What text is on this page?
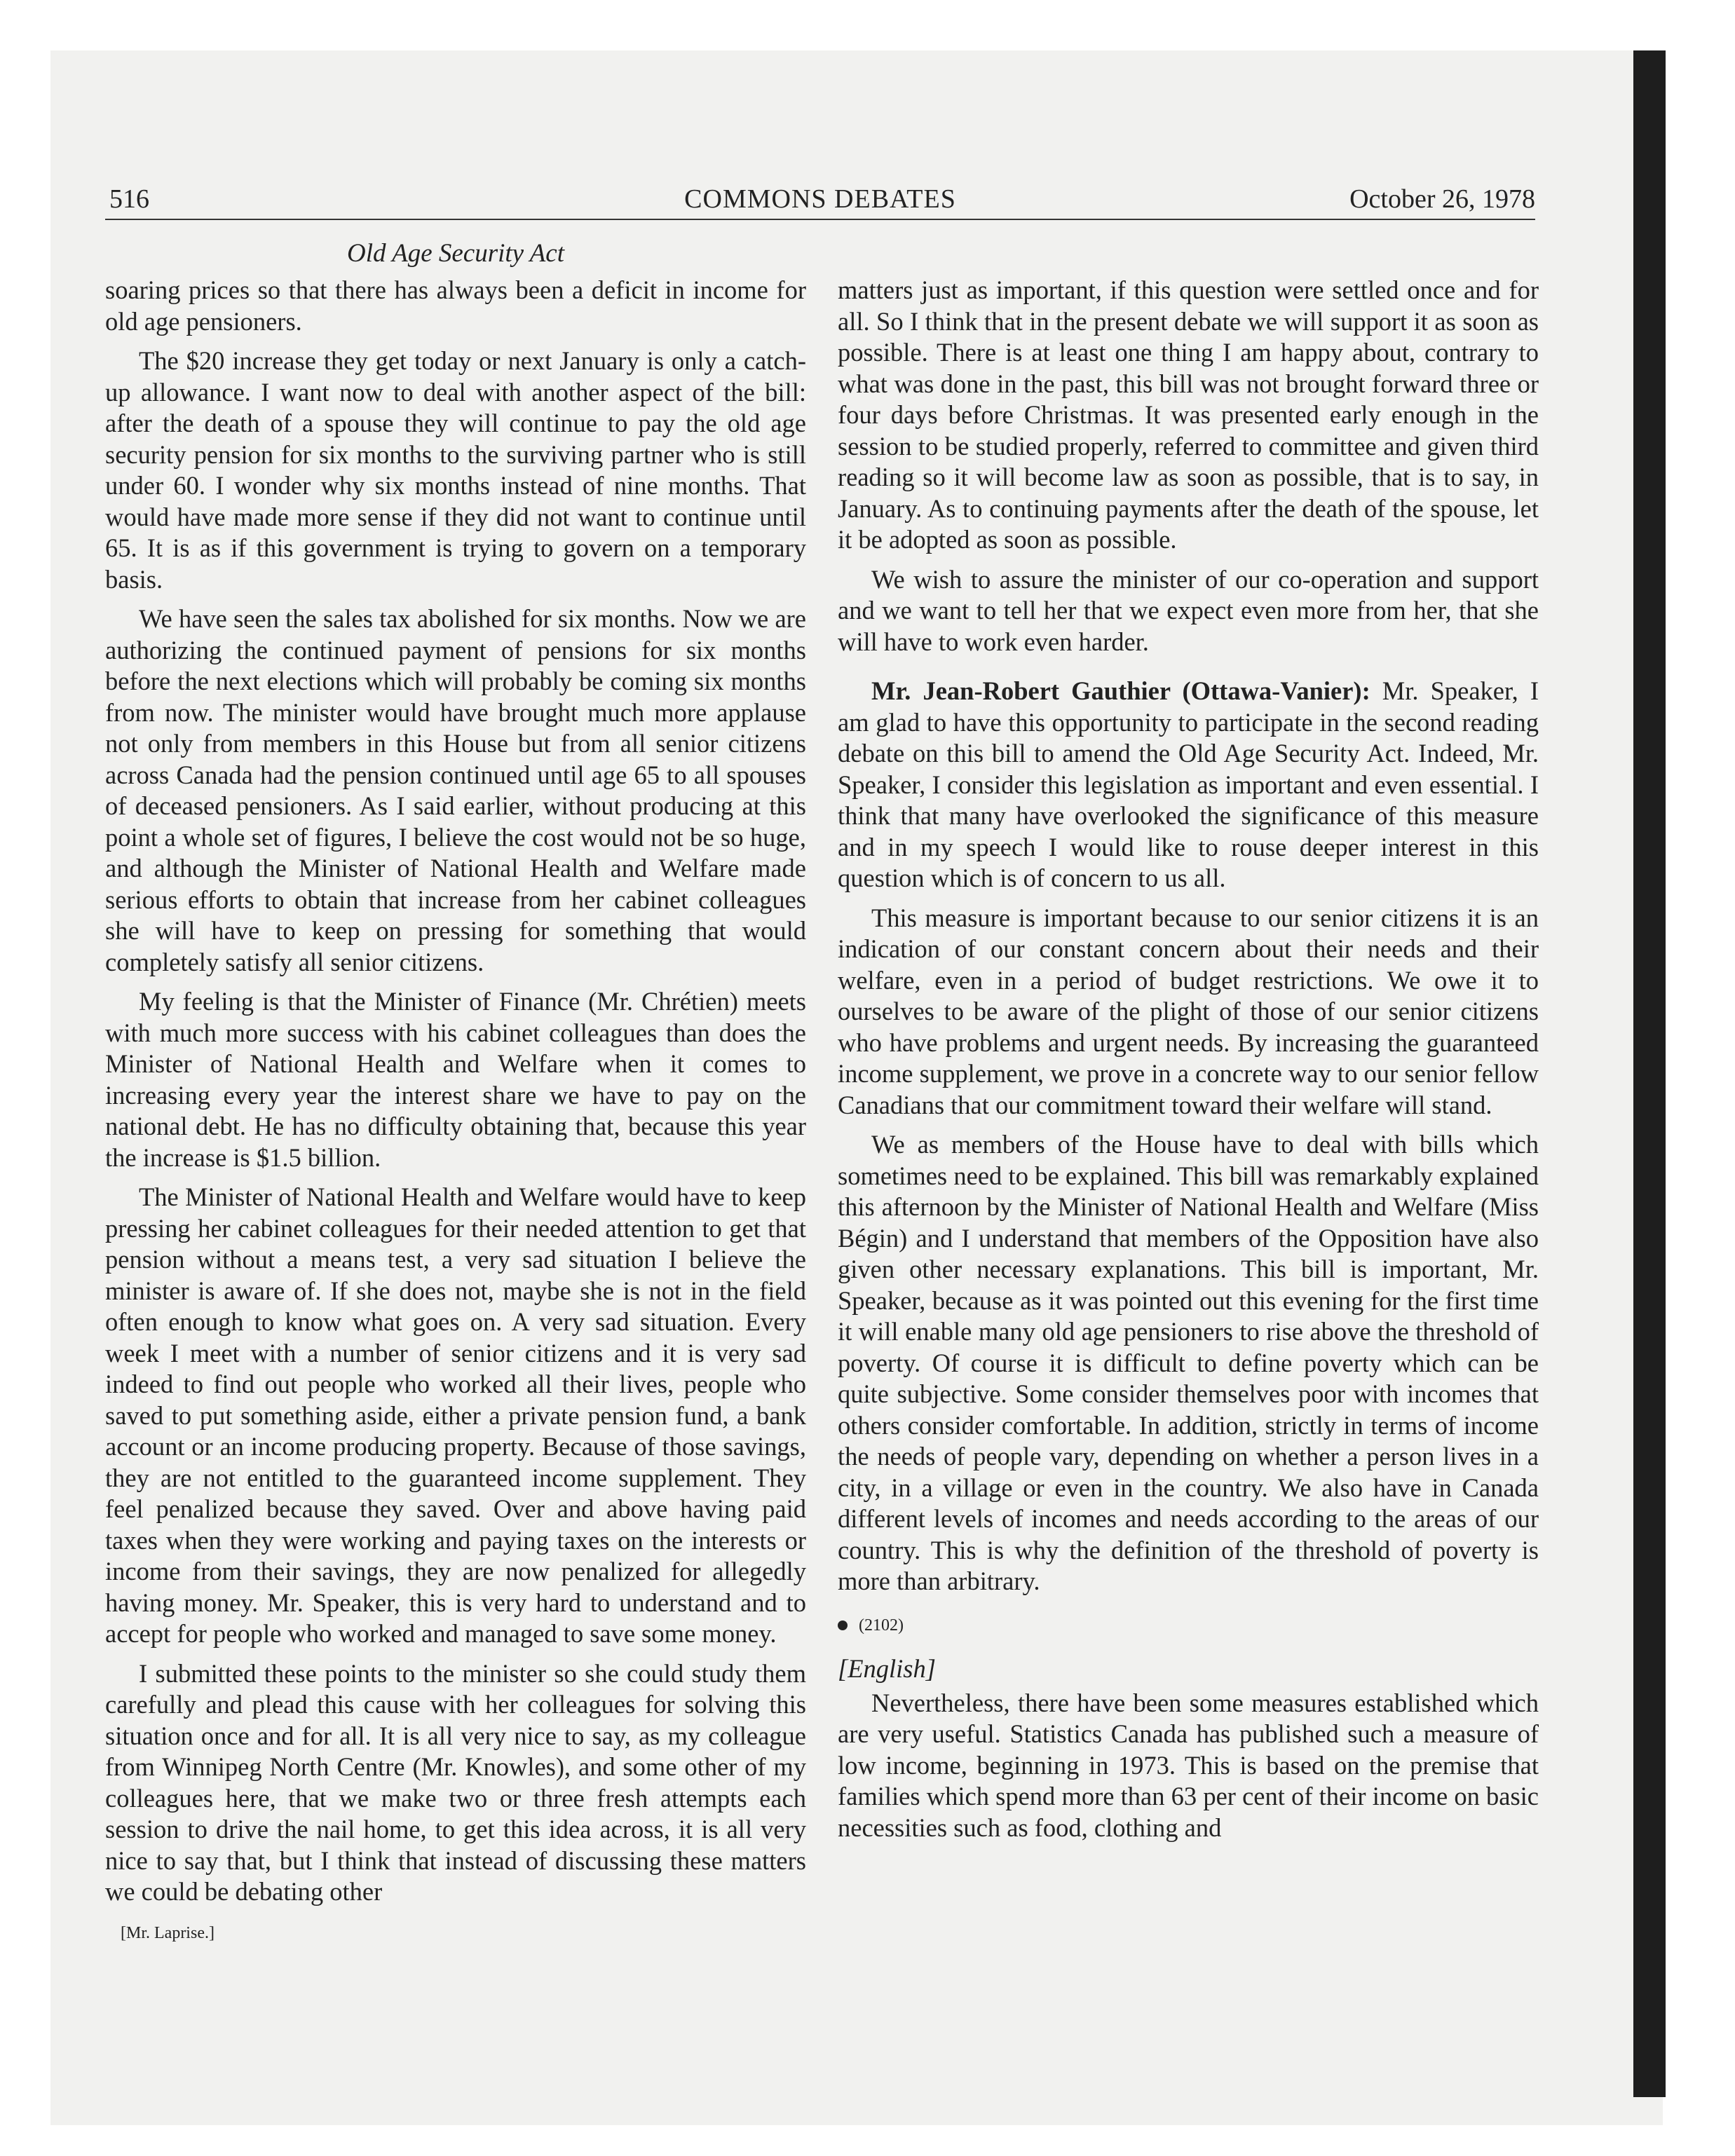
516	COMMONS DEBATES	October 26, 1978
Old Age Security Act

soaring prices so that there has always been a deficit in income for old age pensioners.

The $20 increase they get today or next January is only a catch-up allowance. I want now to deal with another aspect of the bill: after the death of a spouse they will continue to pay the old age security pension for six months to the surviving partner who is still under 60. I wonder why six months instead of nine months. That would have made more sense if they did not want to continue until 65. It is as if this government is trying to govern on a temporary basis.

We have seen the sales tax abolished for six months. Now we are authorizing the continued payment of pensions for six months before the next elections which will probably be coming six months from now. The minister would have brought much more applause not only from members in this House but from all senior citizens across Canada had the pension continued until age 65 to all spouses of deceased pensioners. As I said earlier, without producing at this point a whole set of figures, I believe the cost would not be so huge, and although the Minister of National Health and Welfare made serious efforts to obtain that increase from her cabinet colleagues she will have to keep on pressing for something that would completely satisfy all senior citizens.

My feeling is that the Minister of Finance (Mr. Chrétien) meets with much more success with his cabinet colleagues than does the Minister of National Health and Welfare when it comes to increasing every year the interest share we have to pay on the national debt. He has no difficulty obtaining that, because this year the increase is $1.5 billion.

The Minister of National Health and Welfare would have to keep pressing her cabinet colleagues for their needed attention to get that pension without a means test, a very sad situation I believe the minister is aware of. If she does not, maybe she is not in the field often enough to know what goes on. A very sad situation. Every week I meet with a number of senior citizens and it is very sad indeed to find out people who worked all their lives, people who saved to put something aside, either a private pension fund, a bank account or an income producing property. Because of those savings, they are not entitled to the guaranteed income supplement. They feel penalized because they saved. Over and above having paid taxes when they were working and paying taxes on the interests or income from their savings, they are now penalized for allegedly having money. Mr. Speaker, this is very hard to understand and to accept for people who worked and managed to save some money.

I submitted these points to the minister so she could study them carefully and plead this cause with her colleagues for solving this situation once and for all. It is all very nice to say, as my colleague from Winnipeg North Centre (Mr. Knowles), and some other of my colleagues here, that we make two or three fresh attempts each session to drive the nail home, to get this idea across, it is all very nice to say that, but I think that instead of discussing these matters we could be debating other

[Mr. Laprise.]

matters just as important, if this question were settled once and for all. So I think that in the present debate we will support it as soon as possible. There is at least one thing I am happy about, contrary to what was done in the past, this bill was not brought forward three or four days before Christmas. It was presented early enough in the session to be studied properly, referred to committee and given third reading so it will become law as soon as possible, that is to say, in January. As to continuing payments after the death of the spouse, let it be adopted as soon as possible.

We wish to assure the minister of our co-operation and support and we want to tell her that we expect even more from her, that she will have to work even harder.

Mr. Jean-Robert Gauthier (Ottawa-Vanier): Mr. Speaker, I am glad to have this opportunity to participate in the second reading debate on this bill to amend the Old Age Security Act. Indeed, Mr. Speaker, I consider this legislation as important and even essential. I think that many have overlooked the significance of this measure and in my speech I would like to rouse deeper interest in this question which is of concern to us all.

This measure is important because to our senior citizens it is an indication of our constant concern about their needs and their welfare, even in a period of budget restrictions. We owe it to ourselves to be aware of the plight of those of our senior citizens who have problems and urgent needs. By increasing the guaranteed income supplement, we prove in a concrete way to our senior fellow Canadians that our commitment toward their welfare will stand.

We as members of the House have to deal with bills which sometimes need to be explained. This bill was remarkably explained this afternoon by the Minister of National Health and Welfare (Miss Bégin) and I understand that members of the Opposition have also given other necessary explanations. This bill is important, Mr. Speaker, because as it was pointed out this evening for the first time it will enable many old age pensioners to rise above the threshold of poverty. Of course it is difficult to define poverty which can be quite subjective. Some consider themselves poor with incomes that others consider comfortable. In addition, strictly in terms of income the needs of people vary, depending on whether a person lives in a city, in a village or even in the country. We also have in Canada different levels of incomes and needs according to the areas of our country. This is why the definition of the threshold of poverty is more than arbitrary.

(2102)
[English]

Nevertheless, there have been some measures established which are very useful. Statistics Canada has published such a measure of low income, beginning in 1973. This is based on the premise that families which spend more than 63 per cent of their income on basic necessities such as food, clothing and
